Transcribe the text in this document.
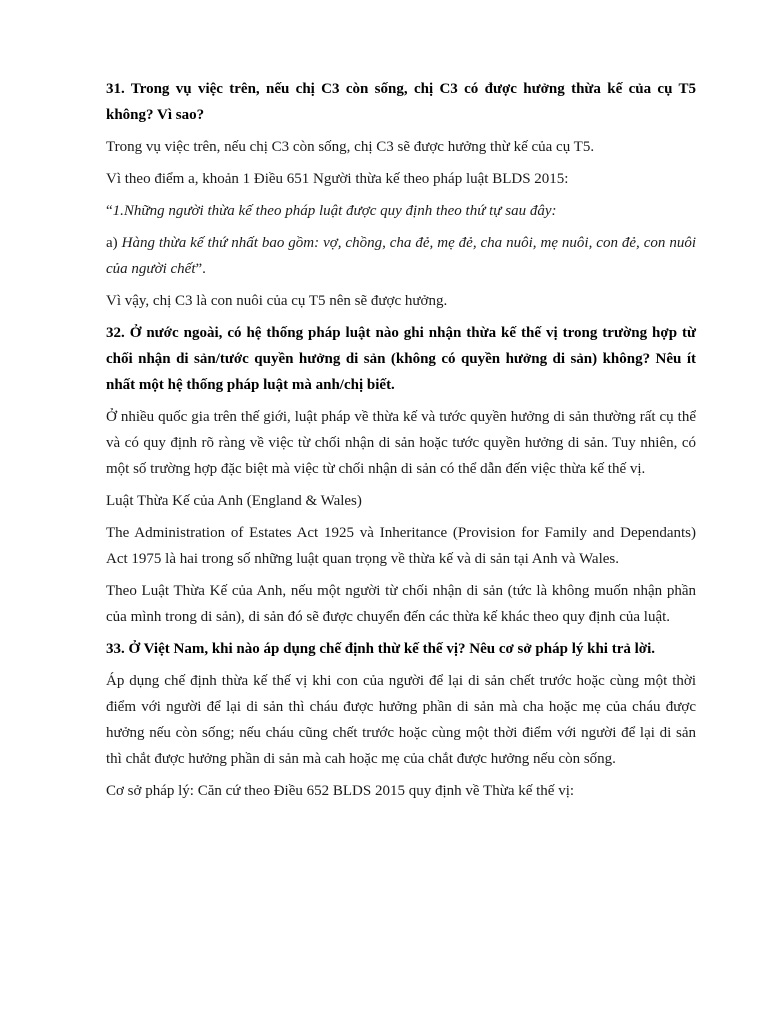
31. Trong vụ việc trên, nếu chị C3 còn sống, chị C3 có được hưởng thừa kế của cụ T5 không? Vì sao?

Trong vụ việc trên, nếu chị C3 còn sống, chị C3 sẽ được hưởng thừ kế của cụ T5.

Vì theo điểm a, khoản 1 Điều 651 Người thừa kế theo pháp luật BLDS 2015:

“1.Những người thừa kế theo pháp luật được quy định theo thứ tự sau đây:

a) Hàng thừa kế thứ nhất bao gồm: vợ, chồng, cha đẻ, mẹ đẻ, cha nuôi, mẹ nuôi, con đẻ, con nuôi của người chết”.

Vì vậy, chị C3 là con nuôi của cụ T5 nên sẽ được hưởng.

32. Ở nước ngoài, có hệ thống pháp luật nào ghi nhận thừa kế thế vị trong trường hợp từ chối nhận di sản/tước quyền hưởng di sản (không có quyền hưởng di sản) không? Nêu ít nhất một hệ thống pháp luật mà anh/chị biết.

Ở nhiều quốc gia trên thế giới, luật pháp về thừa kế và tước quyền hưởng di sản thường rất cụ thể và có quy định rõ ràng về việc từ chối nhận di sản hoặc tước quyền hưởng di sản. Tuy nhiên, có một số trường hợp đặc biệt mà việc từ chối nhận di sản có thể dẫn đến việc thừa kế thế vị.

Luật Thừa Kế của Anh (England & Wales)

The Administration of Estates Act 1925 và Inheritance (Provision for Family and Dependants) Act 1975 là hai trong số những luật quan trọng về thừa kế và di sản tại Anh và Wales.

Theo Luật Thừa Kế của Anh, nếu một người từ chối nhận di sản (tức là không muốn nhận phần của mình trong di sản), di sản đó sẽ được chuyển đến các thừa kế khác theo quy định của luật.

33. Ở Việt Nam, khi nào áp dụng chế định thừ kế thế vị? Nêu cơ sở pháp lý khi trả lời.

Áp dụng chế định thừa kế thế vị khi con của người để lại di sản chết trước hoặc cùng một thời điểm với người để lại di sản thì cháu được hưởng phần di sản mà cha hoặc mẹ của cháu được hưởng nếu còn sống; nếu cháu cũng chết trước hoặc cùng một thời điểm với người để lại di sản thì chắt được hưởng phần di sản mà cah hoặc mẹ của chắt được hưởng nếu còn sống.

Cơ sở pháp lý: Căn cứ theo Điều 652 BLDS 2015 quy định về Thừa kế thế vị:
